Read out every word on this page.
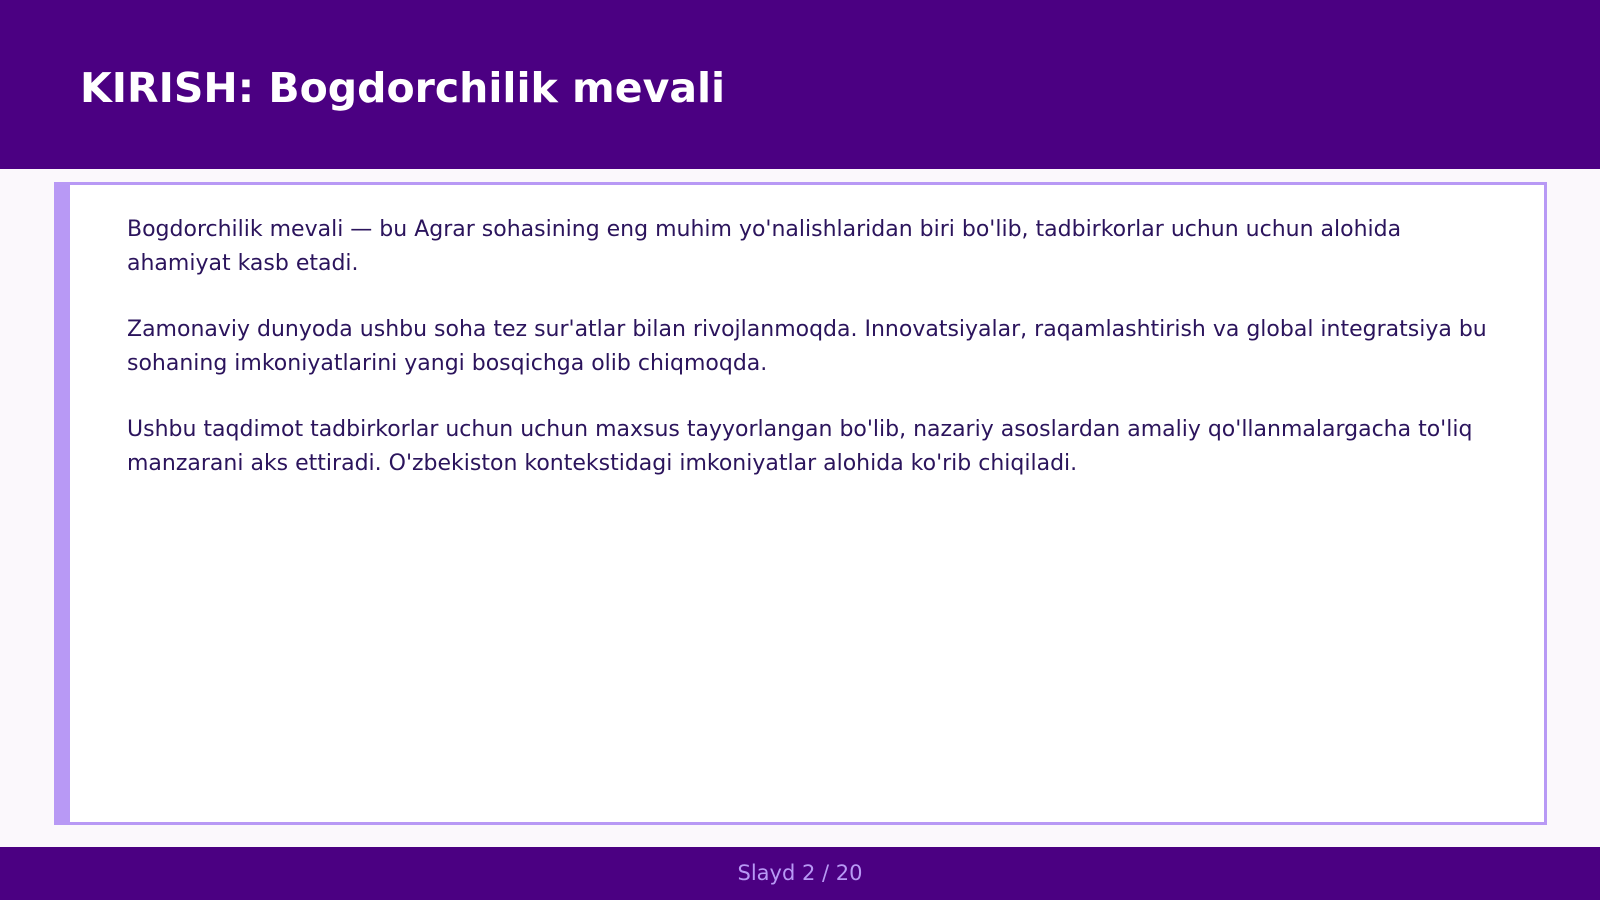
KIRISH: Bogdorchilik mevali

Bogdorchilik mevali — bu Agrar sohasining eng muhim yo'nalishlaridan biri bo'lib, tadbirkorlar uchun uchun alohida ahamiyat kasb etadi.

Zamonaviy dunyoda ushbu soha tez sur'atlar bilan rivojlanmoqda. Innovatsiyalar, raqamlashtirish va global integratsiya bu sohaning imkoniyatlarini yangi bosqichga olib chiqmoqda.

Ushbu taqdimot tadbirkorlar uchun uchun maxsus tayyorlangan bo'lib, nazariy asoslardan amaliy qo'llanmalargacha to'liq manzarani aks ettiradi. O'zbekiston kontekstidagi imkoniyatlar alohida ko'rib chiqiladi.

Slayd 2 / 20
